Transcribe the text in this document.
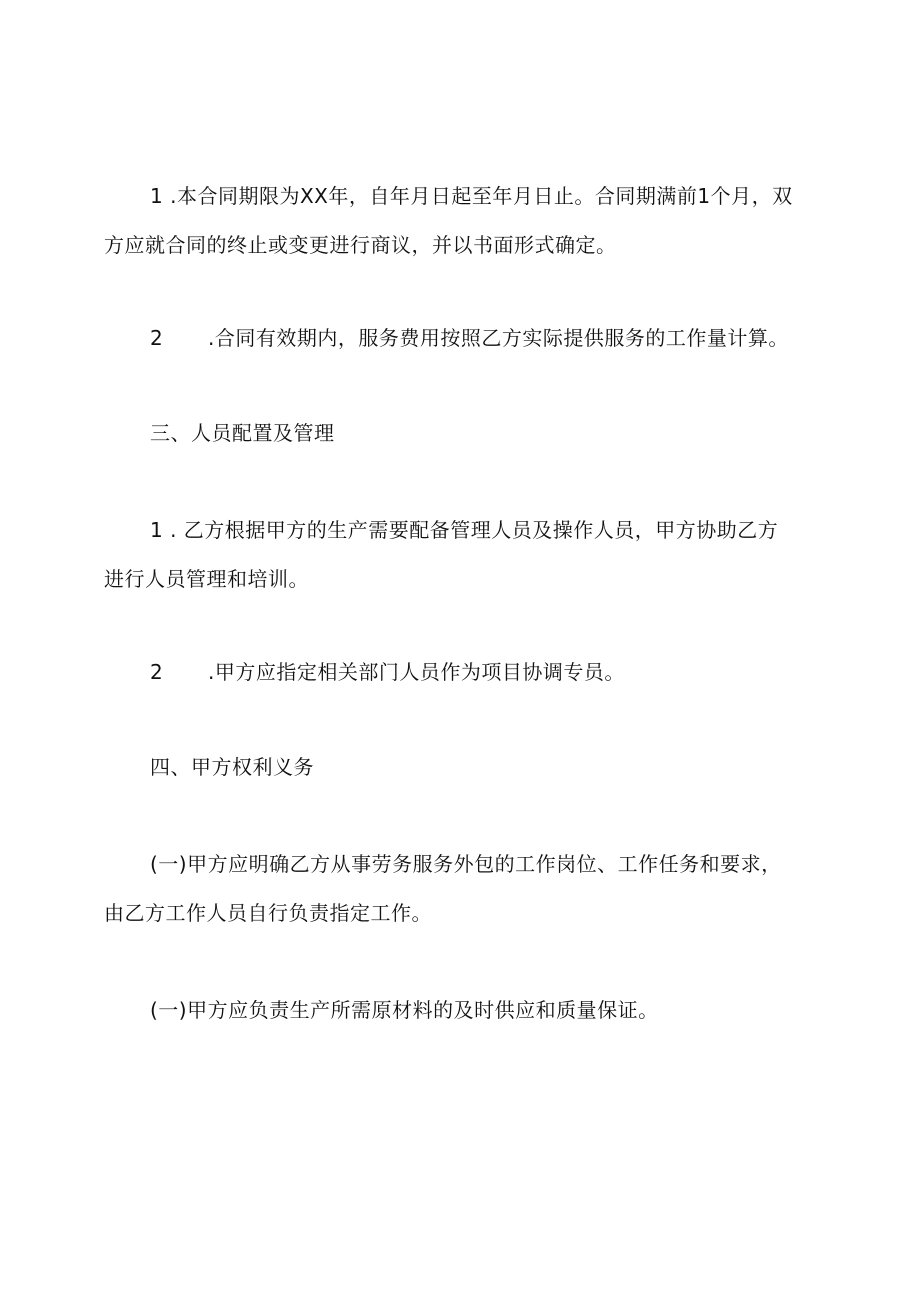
1 .本合同期限为XX年，自年月日起至年月日止。合同期满前1个月，双
方应就合同的终止或变更进行商议，并以书面形式确定。
2 .合同有效期内，服务费用按照乙方实际提供服务的工作量计算。
三、人员配置及管理
1 . 乙方根据甲方的生产需要配备管理人员及操作人员，甲方协助乙方
进行人员管理和培训。
2 .甲方应指定相关部门人员作为项目协调专员。
四、甲方权利义务
(一)甲方应明确乙方从事劳务服务外包的工作岗位、工作任务和要求，
由乙方工作人员自行负责指定工作。
(一)甲方应负责生产所需原材料的及时供应和质量保证。
